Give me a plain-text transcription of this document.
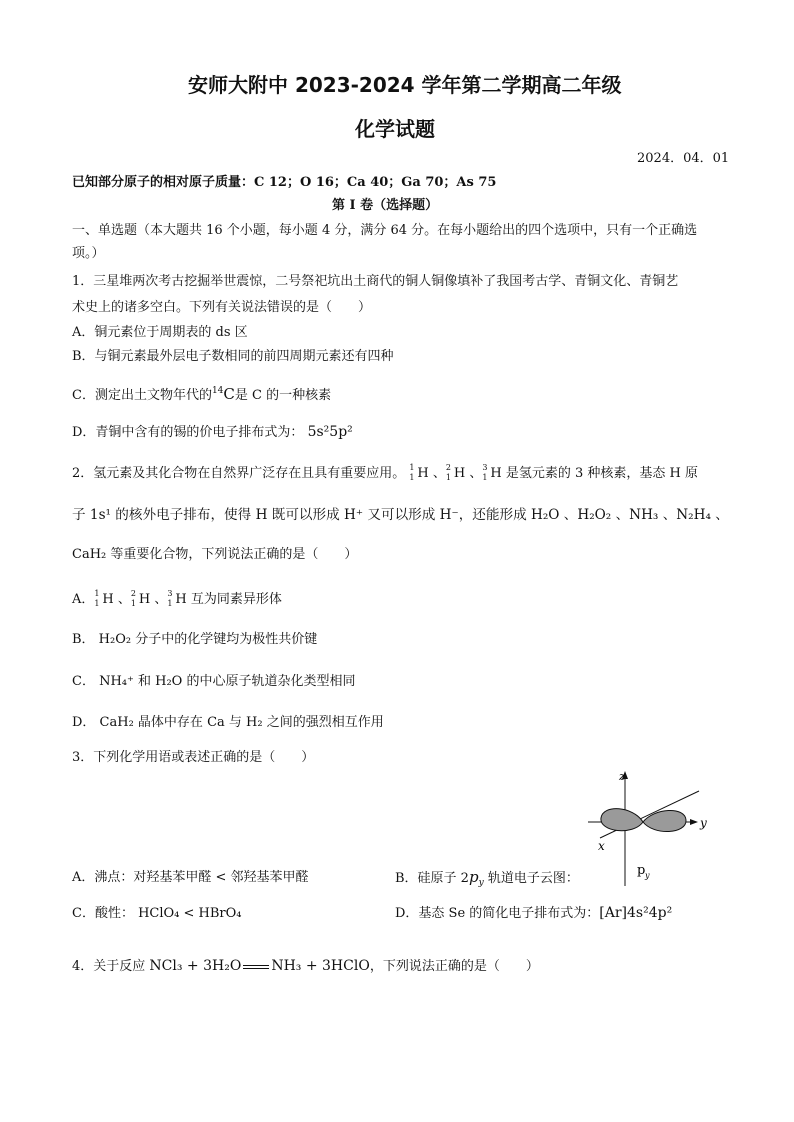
安师大附中 2023-2024 学年第二学期高二年级
化学试题
2024．04．01
已知部分原子的相对原子质量：C 12；O 16；Ca 40；Ga 70；As 75
第 I 卷（选择题）
一、单选题（本大题共 16 个小题，每小题 4 分，满分 64 分。在每小题给出的四个选项中，只有一个正确选
项。）
1．三星堆两次考古挖掘举世震惊，二号祭祀坑出土商代的铜人铜像填补了我国考古学、青铜文化、青铜艺
术史上的诸多空白。下列有关说法错误的是（　　）
A．铜元素位于周期表的 ds 区
B．与铜元素最外层电子数相同的前四周期元素还有四种
C．测定出土文物年代的$^{14}$C是 C 的一种核素
D．青铜中含有的锡的价电子排布式为： 5s²5p²
2．氢元素及其化合物在自然界广泛存在且具有重要应用。 1
1 H 、 2
1 H 、 3
1 H 是氢元素的 3 种核素，基态 H 原
子 1s¹ 的核外电子排布，使得 H 既可以形成 H⁺ 又可以形成 H⁻，还能形成 H₂O 、H₂O₂ 、NH₃ 、N₂H₄ 、
CaH₂ 等重要化合物，下列说法正确的是（　　）
A． 1
1 H 、 2
1 H 、 3
1 H 互为同素异形体
B． H₂O₂ 分子中的化学键均为极性共价键
C． NH₄⁺ 和 H₂O 的中心原子轨道杂化类型相同
D． CaH₂ 晶体中存在 Ca 与 H₂ 之间的强烈相互作用
3．下列化学用语或表述正确的是（　　）
z
y
x
p y
A．沸点：对羟基苯甲醛 < 邻羟基苯甲醛	B．硅原子 $2p_y$ 轨道电子云图：
C．酸性： HClO₄ < HBrO₄	D．基态 Se 的简化电子排布式为：[Ar]4s²4p²
4．关于反应 NCl₃ + 3H₂O NH₃ + 3HClO，下列说法正确的是（　　）
